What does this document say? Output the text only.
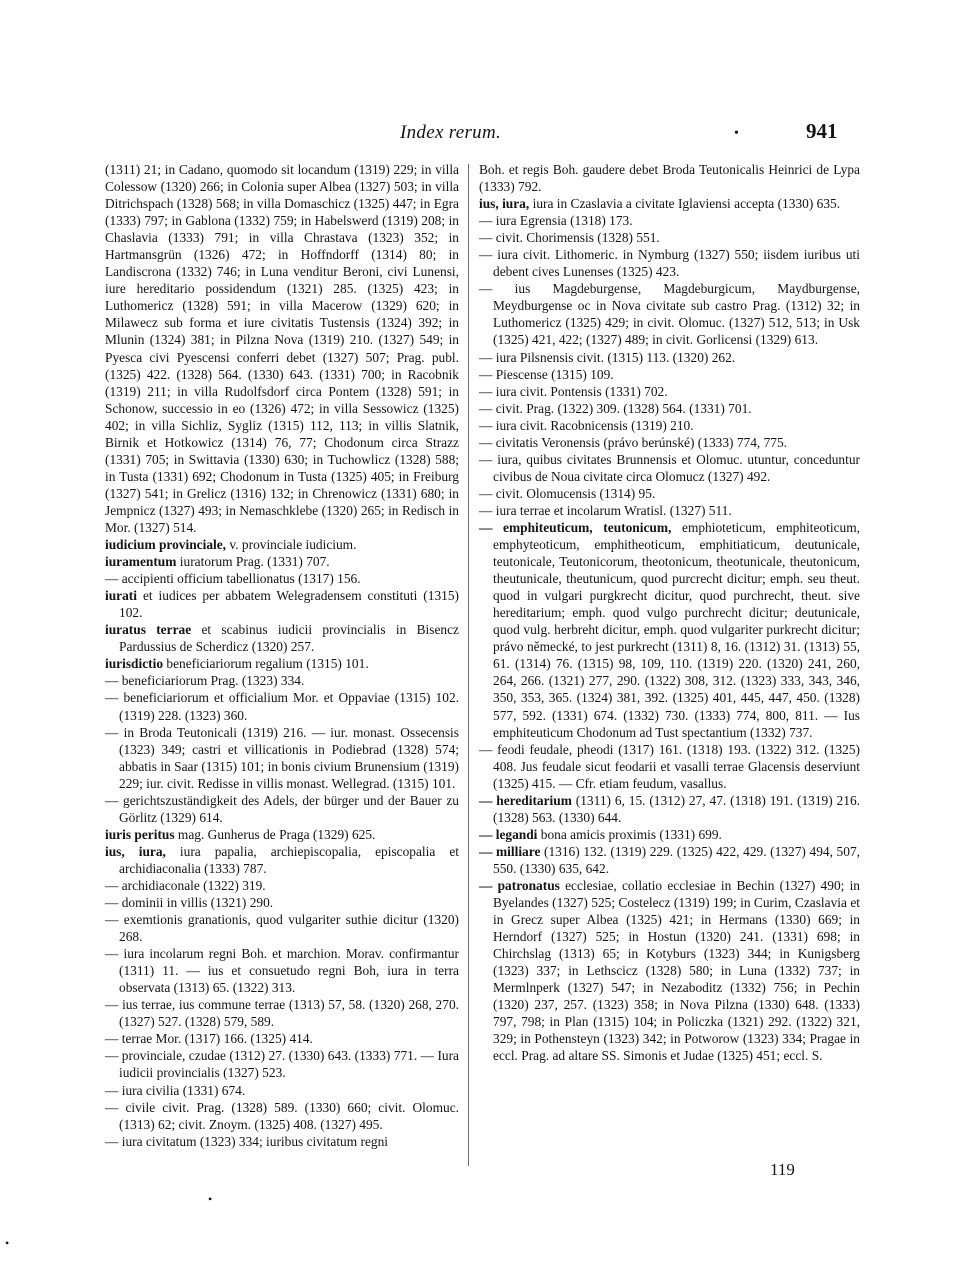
Index rerum.	•	941

(1311) 21; in Cadano, quomodo sit locandum (1319) 229; in villa Colessow (1320) 266; in Colonia super Albea (1327) 503; in villa Ditrichspach (1328) 568; in villa Domaschicz (1325) 447; in Egra (1333) 797; in Gablona (1332) 759; in Habelswerd (1319) 208; in Chaslavia (1333) 791; in villa Chrastava (1323) 352; in Hartmansgrün (1326) 472; in Hoffndorff (1314) 80; in Landiscrona (1332) 746; in Luna venditur Beroni, civi Lunensi, iure hereditario possidendum (1321) 285. (1325) 423; in Luthomericz (1328) 591; in villa Macerow (1329) 620; in Milawecz sub forma et iure civitatis Tustensis (1324) 392; in Mlunin (1324) 381; in Pilzna Nova (1319) 210. (1327) 549; in Pyesca civi Pyescensi conferri debet (1327) 507; Prag. publ. (1325) 422. (1328) 564. (1330) 643. (1331) 700; in Racobnik (1319) 211; in villa Rudolfsdorf circa Pontem (1328) 591; in Schonow, successio in eo (1326) 472; in villa Sessowicz (1325) 402; in villa Sichliz, Sygliz (1315) 112, 113; in villis Slatnik, Birnik et Hotkowicz (1314) 76, 77; Chodonum circa Strazz (1331) 705; in Swittavia (1330) 630; in Tuchowlicz (1328) 588; in Tusta (1331) 692; Chodonum in Tusta (1325) 405; in Freiburg (1327) 541; in Grelicz (1316) 132; in Chrenowicz (1331) 680; in Jempnicz (1327) 493; in Nemaschklebe (1320) 265; in Redisch in Mor. (1327) 514.

iudicium provinciale, v. provinciale iudicium.

iuramentum iuratorum Prag. (1331) 707.

— accipienti officium tabellionatus (1317) 156.

iurati et iudices per abbatem Welegradensem constituti (1315) 102.

iuratus terrae et scabinus iudicii provincialis in Bisencz Pardussius de Scherdicz (1320) 257.

iurisdictio beneficiariorum regalium (1315) 101.

— beneficiariorum Prag. (1323) 334.

— beneficiariorum et officialium Mor. et Oppaviae (1315) 102. (1319) 228. (1323) 360.

— in Broda Teutonicali (1319) 216. — iur. monast. Ossecensis (1323) 349; castri et villicationis in Podiebrad (1328) 574; abbatis in Saar (1315) 101; in bonis civium Brunensium (1319) 229; iur. civit. Redisse in villis monast. Wellegrad. (1315) 101.

— gerichtszuständigkeit des Adels, der bürger und der Bauer zu Görlitz (1329) 614.

iuris peritus mag. Gunherus de Praga (1329) 625.

ius, iura, iura papalia, archiepiscopalia, episcopalia et archidiaconalia (1333) 787.

— archidiaconale (1322) 319.

— dominii in villis (1321) 290.

— exemtionis granationis, quod vulgariter suthie dicitur (1320) 268.

— iura incolarum regni Boh. et marchion. Morav. confirmantur (1311) 11. — ius et consuetudo regni Boh, iura in terra observata (1313) 65. (1322) 313.

— ius terrae, ius commune terrae (1313) 57, 58. (1320) 268, 270. (1327) 527. (1328) 579, 589.

— terrae Mor. (1317) 166. (1325) 414.

— provinciale, czudae (1312) 27. (1330) 643. (1333) 771. — Iura iudicii provincialis (1327) 523.

— iura civilia (1331) 674.

— civile civit. Prag. (1328) 589. (1330) 660; civit. Olomuc. (1313) 62; civit. Znoym. (1325) 408. (1327) 495.

— iura civitatum (1323) 334; iuribus civitatum regni

Boh. et regis Boh. gaudere debet Broda Teutonicalis Heinrici de Lypa (1333) 792.

ius, iura, iura in Czaslavia a civitate Iglaviensi accepta (1330) 635.

— iura Egrensia (1318) 173.

— civit. Chorimensis (1328) 551.

— iura civit. Lithomeric. in Nymburg (1327) 550; iisdem iuribus uti debent cives Lunenses (1325) 423.

— ius Magdeburgense, Magdeburgicum, Maydburgense, Meydburgense oc in Nova civitate sub castro Prag. (1312) 32; in Luthomericz (1325) 429; in civit. Olomuc. (1327) 512, 513; in Usk (1325) 421, 422; (1327) 489; in civit. Gorlicensi (1329) 613.

— iura Pilsnensis civit. (1315) 113. (1320) 262.

— Piescense (1315) 109.

— iura civit. Pontensis (1331) 702.

— civit. Prag. (1322) 309. (1328) 564. (1331) 701.

— iura civit. Racobnicensis (1319) 210.

— civitatis Veronensis (právo berúnské) (1333) 774, 775.

— iura, quibus civitates Brunnensis et Olomuc. utuntur, conceduntur civibus de Noua civitate circa Olomucz (1327) 492.

— civit. Olomucensis (1314) 95.

— iura terrae et incolarum Wratisl. (1327) 511.

— emphiteuticum, teutonicum, emphioteticum, emphiteoticum, emphyteoticum, emphitheoticum, emphitiaticum, deutunicale, teutonicale, Teutonicorum, theotonicum, theotunicale, theutonicum, theutunicale, theutunicum, quod purcrecht dicitur; emph. seu theut. quod in vulgari purgkrecht dicitur, quod purchrecht, theut. sive hereditarium; emph. quod vulgo purchrecht dicitur; deutunicale, quod vulg. herbreht dicitur, emph. quod vulgariter purkrecht dicitur; právo německé, to jest purkrecht (1311) 8, 16. (1312) 31. (1313) 55, 61. (1314) 76. (1315) 98, 109, 110. (1319) 220. (1320) 241, 260, 264, 266. (1321) 277, 290. (1322) 308, 312. (1323) 333, 343, 346, 350, 353, 365. (1324) 381, 392. (1325) 401, 445, 447, 450. (1328) 577, 592. (1331) 674. (1332) 730. (1333) 774, 800, 811. — Ius emphiteuticum Chodonum ad Tust spectantium (1332) 737.

— feodi feudale, pheodi (1317) 161. (1318) 193. (1322) 312. (1325) 408. Jus feudale sicut feodarii et vasalli terrae Glacensis deserviunt (1325) 415. — Cfr. etiam feudum, vasallus.

— hereditarium (1311) 6, 15. (1312) 27, 47. (1318) 191. (1319) 216. (1328) 563. (1330) 644.

— legandi bona amicis proximis (1331) 699.

— milliare (1316) 132. (1319) 229. (1325) 422, 429. (1327) 494, 507, 550. (1330) 635, 642.

— patronatus ecclesiae, collatio ecclesiae in Bechin (1327) 490; in Byelandes (1327) 525; Costelecz (1319) 199; in Curim, Czaslavia et in Grecz super Albea (1325) 421; in Hermans (1330) 669; in Herndorf (1327) 525; in Hostun (1320) 241. (1331) 698; in Chirchslag (1313) 65; in Kotyburs (1323) 344; in Kunigsberg (1323) 337; in Lethscicz (1328) 580; in Luna (1332) 737; in Mermlnperk (1327) 547; in Nezaboditz (1332) 756; in Pechin (1320) 237, 257. (1323) 358; in Nova Pilzna (1330) 648. (1333) 797, 798; in Plan (1315) 104; in Policzka (1321) 292. (1322) 321, 329; in Pothensteyn (1323) 342; in Potworow (1323) 334; Pragae in eccl. Prag. ad altare SS. Simonis et Judae (1325) 451; eccl. S.

119
•
•
